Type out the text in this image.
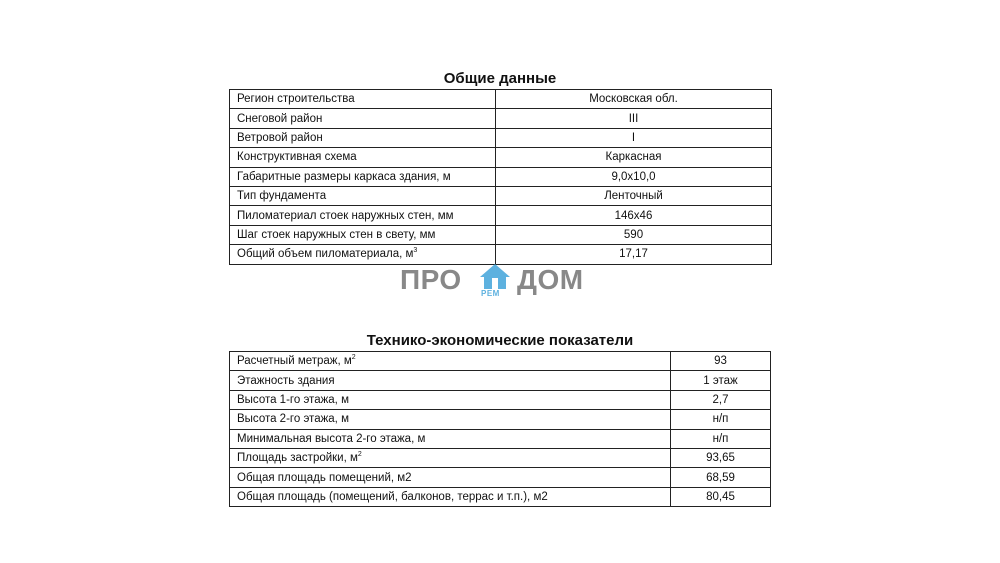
Общие данные
Регион строительства	Московская обл.
Снеговой район	III
Ветровой район	I
Конструктивная схема	Каркасная
Габаритные размеры каркаса здания, м	9,0х10,0
Тип фундамента	Ленточный
Пиломатериал стоек наружных стен, мм	146х46
Шаг стоек наружных стен в свету, мм	590
Общий объем пиломатериала, $м^3$	17,17
ПРО РЕМ ДОМ
Технико-экономические показатели
Расчетный метраж, $м^2$	93
Этажность здания	1 этаж
Высота 1-го этажа, м	2,7
Высота 2-го этажа, м	н/п
Минимальная высота 2-го этажа, м	н/п
Площадь застройки, $м^2$	93,65
Общая площадь помещений, м2	68,59
Общая площадь (помещений, балконов, террас и т.п.), м2	80,45
